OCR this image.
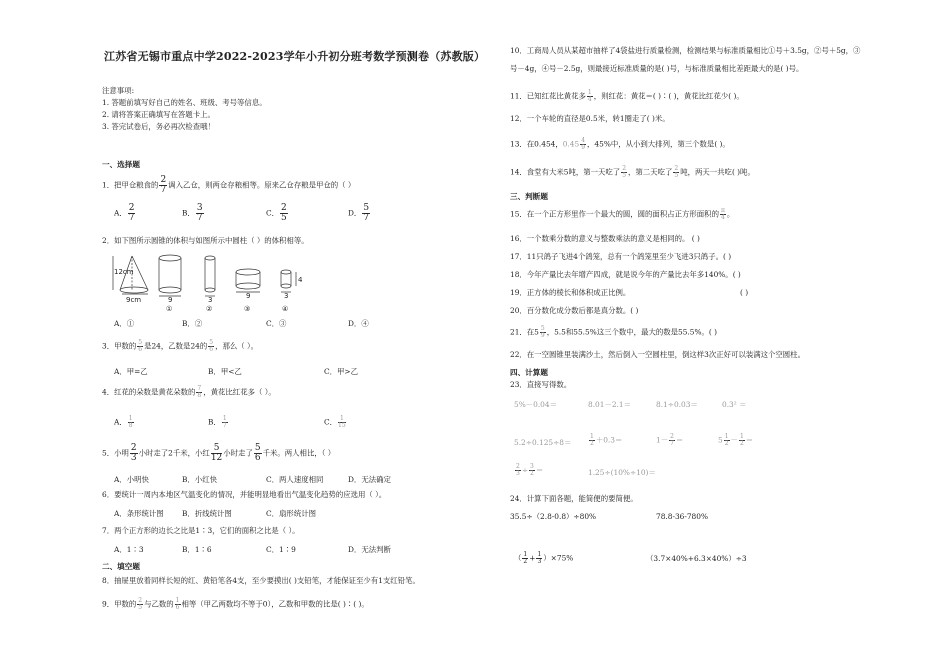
江苏省无锡市重点中学2022-2023学年小升初分班考数学预测卷（苏教版）
注意事项:
1. 答题前填写好自己的姓名、班级、考号等信息。
2. 请将答案正确填写在答题卡上。
3. 答完试卷后，务必再次检查哦！
一、选择题
1．把甲仓粮食的 $\frac{2}{7}$ 调入乙仓，则两仓存粮相等。原来乙仓存粮是甲仓的（ ）
A． $\frac{2}{7}$	B． $\frac{3}{7}$	C． $\frac{2}{5}$	D． $\frac{5}{7}$
2．如下图所示圆锥的体积与如图所示中圆柱（ ）的体积相等。
12cm
9cm	9	3	9	3
4
①	②	③	④
A．①	B．②	C．③	D．④
3．甲数的 $\frac{5}{6}$ 是24，乙数是24的 $\frac{5}{6}$ ，那么（ ）。
A．甲=乙	B．甲<乙	C．甲>乙
4．红花的朵数是黄花朵数的 $\frac{7}{8}$ ，黄花比红花多（ ）。
A． $\frac{1}{8}$	B． $\frac{1}{7}$	C． $\frac{1}{15}$
5．小明 $\frac{2}{3}$ 小时走了2千米，小红 $\frac{5}{12}$ 小时走了 $\frac{5}{6}$ 千米。两人相比，（ ）
A．小明快	B．小红快	C．两人速度相同	D．无法确定
6．要统计一周内本地区气温变化的情况，并能明显地看出气温变化趋势的应选用（ ）。
A．条形统计图 B．折线统计图	C．扇形统计图
7．两个正方形的边长之比是1∶3，它们的面积之比是（ ）。
A．1∶3	B．1∶6	C．1∶9	D．无法判断
二、填空题
8．抽屉里放着同样长短的红、黄铅笔各4支，至少要摸出( )支铅笔，才能保证至少有1支红铅笔。
9．甲数的 $\frac{2}{5}$ 与乙数的 $\frac{1}{6}$ 相等（甲乙两数均不等于0），乙数和甲数的比是( )∶( )。
10．工商局人员从某超市抽样了4袋盐进行质量检测，检测结果与标准质量相比①号＋3.5g，②号＋5g，③
号－4g，④号－2.5g，则最接近标准质量的是( )号，与标准质量相比差距最大的是( )号。
11．已知红花比黄花多 $\frac{1}{4}$ ，则红花：黄花＝( )∶( )，黄花比红花少( )。
12．一个车轮的直径是0.5米，转1圈走了( )米。
13．在0.454，$0.45 \frac{4}{9}$ ，45%中，从小到大排列，第三个数是( )。
14．食堂有大米5吨，第一天吃了 $\frac{2}{5}$ ，第二天吃了 $\frac{2}{5}$ 吨，两天一共吃( )吨。
三、判断题
15．在一个正方形里作一个最大的圆，圆的面积占正方形面积的 $\frac{\pi}{4}$ 。
16．一个数乘分数的意义与整数乘法的意义是相同的。 ( )
17．11只鸽子飞进4个鸽笼，总有一个鸽笼里至少飞进3只鸽子。( )
18．今年产量比去年增产四成，就是说今年的产量比去年多140%。( )
19．正方体的棱长和体积成正比例。	( )
20．百分数化成分数后都是真分数。( )
21．在$5 \frac{5}{9}$ ，5.5和55.5%这三个数中，最大的数是55.5%。( )
22．在一空圆锥里装满沙土，然后倒入一空圆柱里，倒这样3次正好可以装满这个空圆柱。
四、计算题
23．直接写得数。
5%－0.04＝	8.01－2.1＝	8.1÷0.03＝	0.3² ＝
5.2÷0.125÷8＝	$\frac{1}{2} +0.3=$	$1- \frac{2}{7}$ ＝	$5 \frac{1}{2} - \frac{1}{2}$ ＝
$\frac{2}{3} \div \frac{3}{2}$ ＝	1.25÷(10%÷10)＝
24．计算下面各题，能简便的要简便。
35.5÷（2.8-0.8）÷80%	78.8-36-780%
（ $\frac{1}{2} + \frac{1}{3} )\times 75\%$	（3.7×40%+6.3×40%）÷3
